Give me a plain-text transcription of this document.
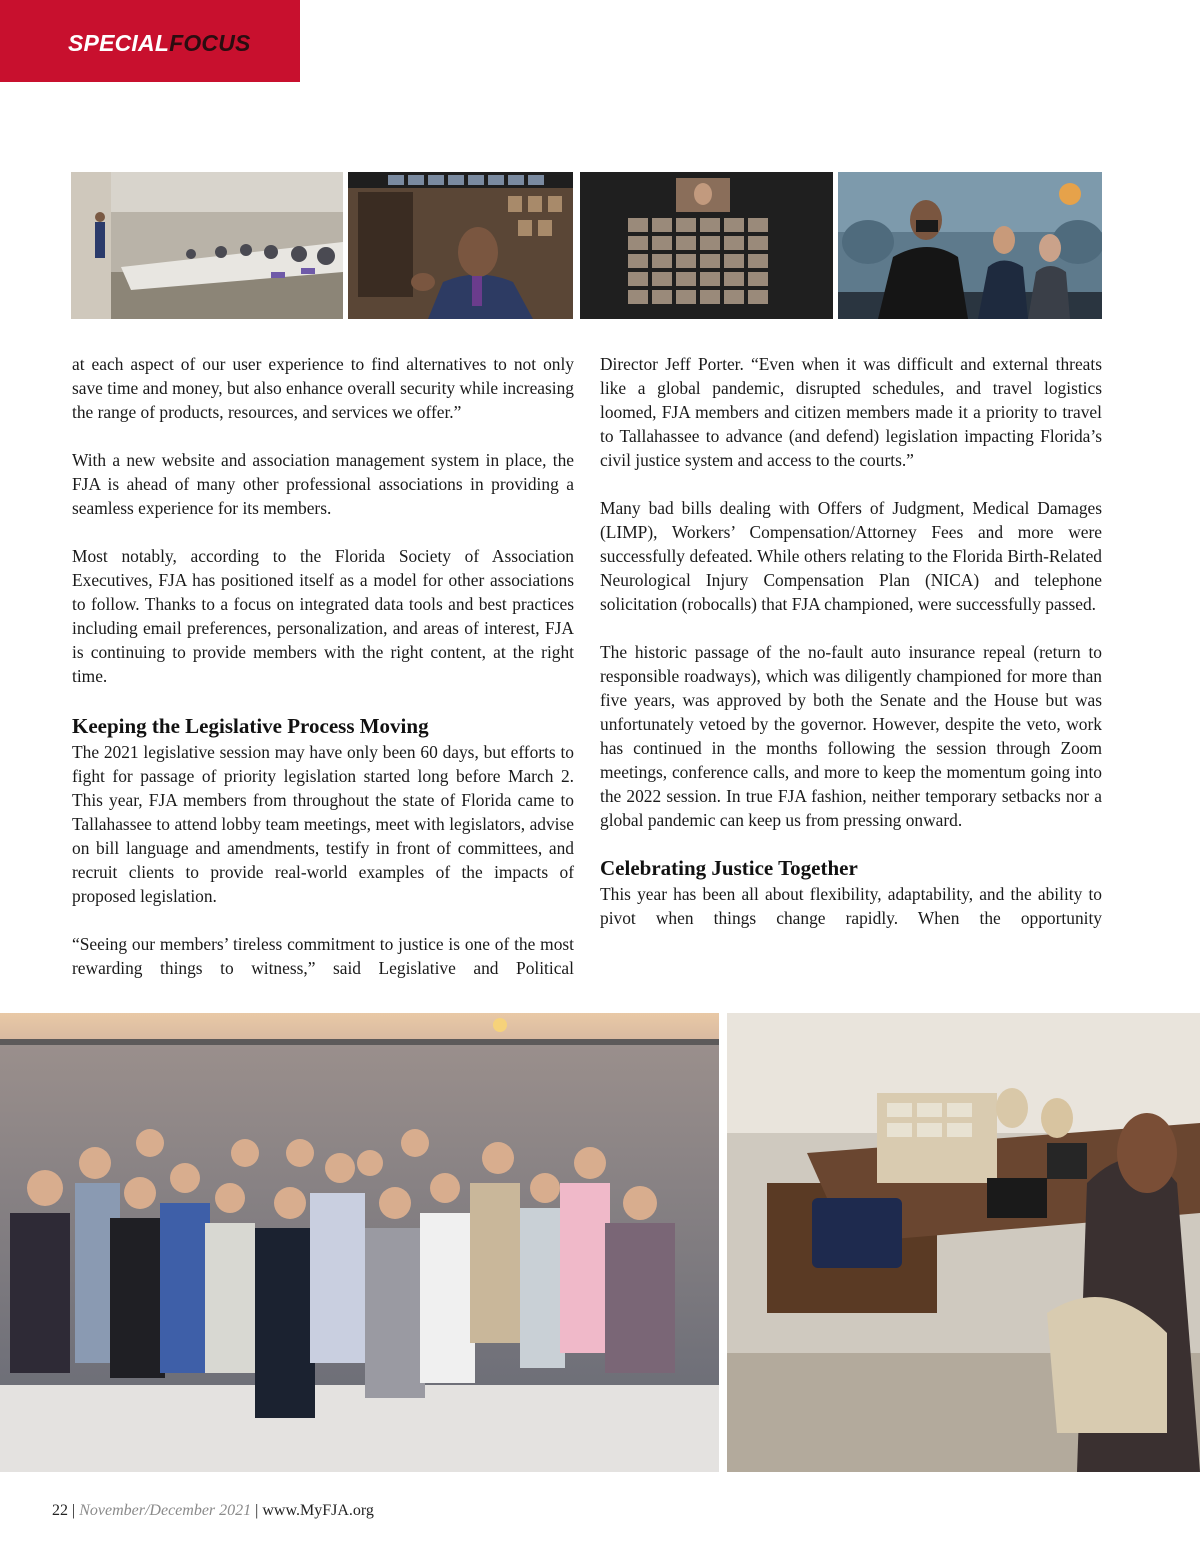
SPECIALFOCUS

at each aspect of our user experience to find alternatives to not only save time and money, but also enhance overall security while increasing the range of products, resources, and services we offer.”

With a new website and association management system in place, the FJA is ahead of many other professional associations in providing a seamless experience for its members.

Most notably, according to the Florida Society of Association Executives, FJA has positioned itself as a model for other associations to follow. Thanks to a focus on integrated data tools and best practices including email preferences, personalization, and areas of interest, FJA is continuing to provide members with the right content, at the right time.

Keeping the Legislative Process Moving

The 2021 legislative session may have only been 60 days, but efforts to fight for passage of priority legislation started long before March 2. This year, FJA members from throughout the state of Florida came to Tallahassee to attend lobby team meetings, meet with legislators, advise on bill language and amendments, testify in front of committees, and recruit clients to provide real-world examples of the impacts of proposed legislation.

“Seeing our members’ tireless commitment to justice is one of the most rewarding things to witness,” said Legislative and Political

Director Jeff Porter. “Even when it was difficult and external threats like a global pandemic, disrupted schedules, and travel logistics loomed, FJA members and citizen members made it a priority to travel to Tallahassee to advance (and defend) legislation impacting Florida’s civil justice system and access to the courts.”

Many bad bills dealing with Offers of Judgment, Medical Damages (LIMP), Workers’ Compensation/Attorney Fees and more were successfully defeated. While others relating to the Florida Birth-Related Neurological Injury Compensation Plan (NICA) and telephone solicitation (robocalls) that FJA championed, were successfully passed.

The historic passage of the no-fault auto insurance repeal (return to responsible roadways), which was diligently championed for more than five years, was approved by both the Senate and the House but was unfortunately vetoed by the governor. However, despite the veto, work has continued in the months following the session through Zoom meetings, conference calls, and more to keep the momentum going into the 2022 session. In true FJA fashion, neither temporary setbacks nor a global pandemic can keep us from pressing onward.

Celebrating Justice Together

This year has been all about flexibility, adaptability, and the ability to pivot when things change rapidly. When the opportunity

22 | November/December 2021 | www.MyFJA.org
